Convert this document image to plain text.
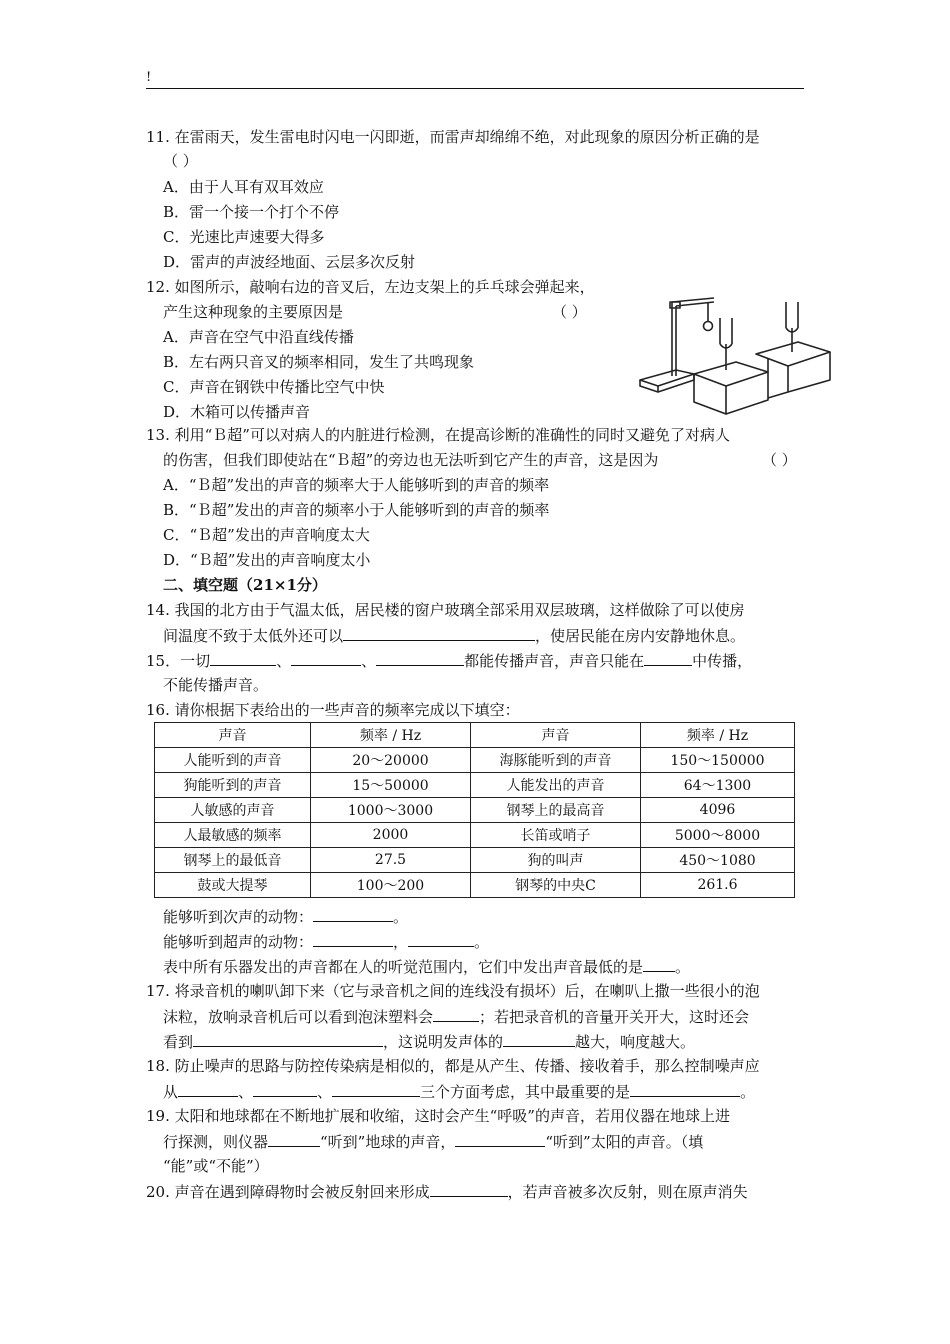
!
11. 在雷雨天，发生雷电时闪电一闪即逝，而雷声却绵绵不绝，对此现象的原因分析正确的是
（ ）
A．由于人耳有双耳效应
B．雷一个接一个打个不停
C．光速比声速要大得多
D．雷声的声波经地面、云层多次反射
12. 如图所示，敲响右边的音叉后，左边支架上的乒乓球会弹起来，
产生这种现象的主要原因是	（ ）
A．声音在空气中沿直线传播
B．左右两只音叉的频率相同，发生了共鸣现象
C．声音在钢铁中传播比空气中快
D．木箱可以传播声音
13. 利用“Ｂ超”可以对病人的内脏进行检测，在提高诊断的准确性的同时又避免了对病人
的伤害，但我们即使站在“Ｂ超”的旁边也无法听到它产生的声音，这是因为	（ ）
A．“Ｂ超”发出的声音的频率大于人能够听到的声音的频率
B．“Ｂ超”发出的声音的频率小于人能够听到的声音的频率
C．“Ｂ超”发出的声音响度太大
D．“Ｂ超”发出的声音响度太小
二、填空题（21×1分）
14. 我国的北方由于气温太低，居民楼的窗户玻璃全部采用双层玻璃，这样做除了可以使房
间温度不致于太低外还可以	，使居民能在房内安静地休息。
15．一切	、	、	都能传播声音，声音只能在	中传播，
不能传播声音。
16. 请你根据下表给出的一些声音的频率完成以下填空：
声音	频率 / Hz	声音	频率 / Hz
人能听到的声音	20～20000	海豚能听到的声音	150～150000
狗能听到的声音	15～50000	人能发出的声音	64～1300
人敏感的声音	1000～3000	钢琴上的最高音	4096
人最敏感的频率	2000	长笛或哨子	5000～8000
钢琴上的最低音	27.5	狗的叫声	450～1080
鼓或大提琴	100～200	钢琴的中央C	261.6
能够听到次声的动物：	。
能够听到超声的动物：	，	。
表中所有乐器发出的声音都在人的听觉范围内，它们中发出声音最低的是 。
17. 将录音机的喇叭卸下来（它与录音机之间的连线没有损坏）后，在喇叭上撒一些很小的泡
沫粒，放响录音机后可以看到泡沫塑料会	；若把录音机的音量开关开大，这时还会
看到	，这说明发声体的	越大，响度越大。
18. 防止噪声的思路与防控传染病是相似的，都是从产生、传播、接收着手，那么控制噪声应
从	、	、	三个方面考虑，其中最重要的是	。
19. 太阳和地球都在不断地扩展和收缩，这时会产生“呼吸”的声音，若用仪器在地球上进
行探测，则仪器	“听到”地球的声音，	“听到”太阳的声音。（填
“能”或“不能”）
20. 声音在遇到障碍物时会被反射回来形成	，若声音被多次反射，则在原声消失
